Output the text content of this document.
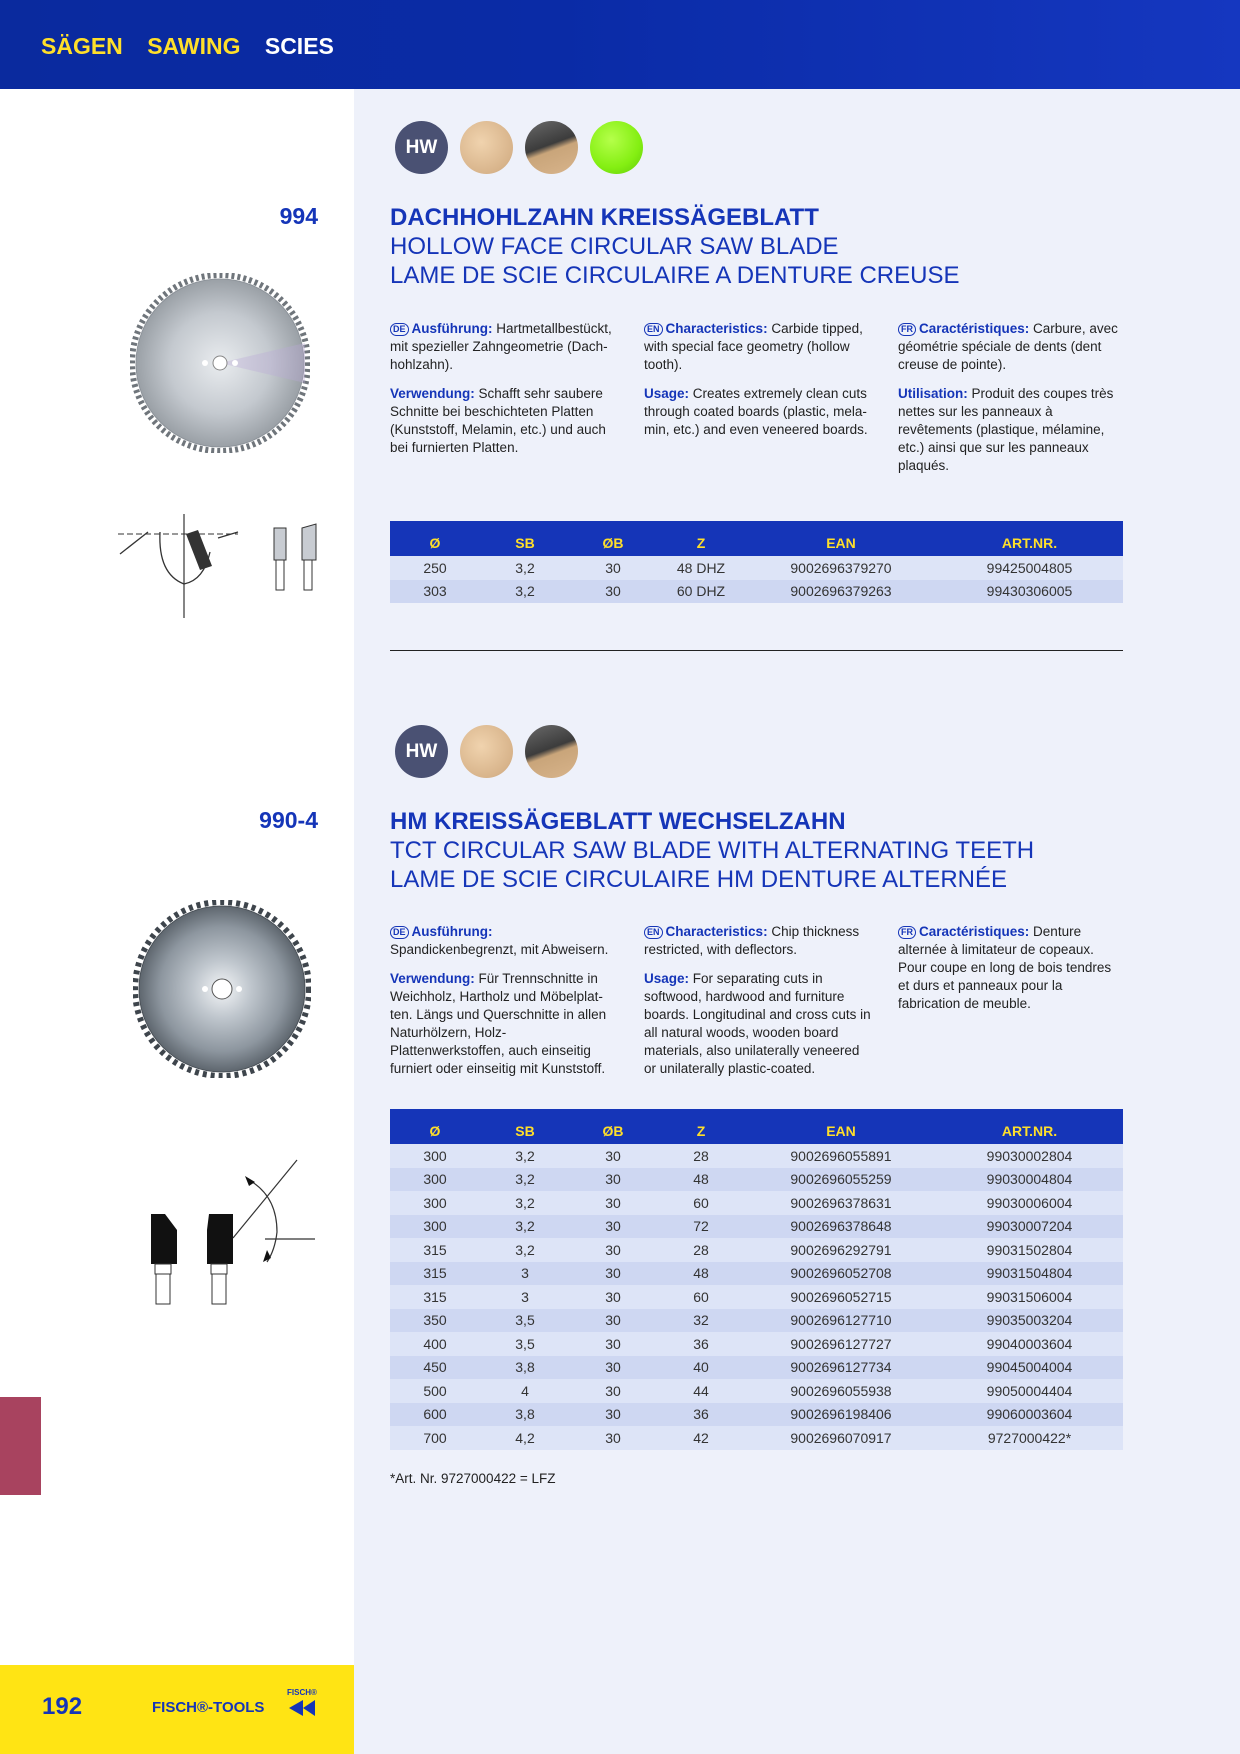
SÄGEN SAWING SCIES
HW
994	DACHHOHLZAHN KREISSÄGEBLATT
HOLLOW FACE CIRCULAR SAW BLADE
LAME DE SCIE CIRCULAIRE A DENTURE CREUSE

DE Ausführung: Hartmetallbestückt, mit spezieller Zahngeometrie (Dachhohlzahn).

Verwendung: Schafft sehr saubere Schnitte bei beschichteten Platten (Kunststoff, Melamin, etc.) und auch bei furnierten Platten.

EN Characteristics: Carbide tipped, with special face geometry (hollow tooth).

Usage: Creates extremely clean cuts through coated boards (plastic, melamin, etc.) and even veneered boards.

FR Caractéristiques: Carbure, avec géométrie spéciale de dents (dent creuse de pointe).

Utilisation: Produit des coupes très nettes sur les panneaux à revêtements (plastique, mélamine, etc.) ainsi que sur les panneaux plaqués.

Ø	SB	ØB	Z	EAN	ART.NR.
250	3,2	30	48 DHZ	9002696379270	99425004805
303	3,2	30	60 DHZ	9002696379263	99430306005
HW
990-4	HM KREISSÄGEBLATT WECHSELZAHN
TCT CIRCULAR SAW BLADE WITH ALTERNATING TEETH
LAME DE SCIE CIRCULAIRE HM DENTURE ALTERNÉE

DE Ausführung: Spandickenbegrenzt, mit Abweisern.

Verwendung: Für Trennschnitte in Weichholz, Hartholz und Möbelplatten. Längs und Querschnitte in allen Naturhölzern, Holz-Plattenwerkstoffen, auch einseitig furniert oder einseitig mit Kunststoff.

EN Characteristics: Chip thickness restricted, with deflectors.

Usage: For separating cuts in softwood, hardwood and furniture boards. Longitudinal and cross cuts in all natural woods, wooden board materials, also unilaterally veneered or unilaterally plastic-coated.

FR Caractéristiques: Denture alternée à limitateur de copeaux. Pour coupe en long de bois tendres et durs et panneaux pour la fabrication de meuble.

Ø	SB	ØB	Z	EAN	ART.NR.
300	3,2	30	28	9002696055891	99030002804
300	3,2	30	48	9002696055259	99030004804
300	3,2	30	60	9002696378631	99030006004
300	3,2	30	72	9002696378648	99030007204
315	3,2	30	28	9002696292791	99031502804
315	3	30	48	9002696052708	99031504804
315	3	30	60	9002696052715	99031506004
350	3,5	30	32	9002696127710	99035003204
400	3,5	30	36	9002696127727	99040003604
450	3,8	30	40	9002696127734	99045004004
500	4	30	44	9002696055938	99050004404
600	3,8	30	36	9002696198406	99060003604
700	4,2	30	42	9002696070917	9727000422*
*Art. Nr. 9727000422 = LFZ
192	FISCH®-TOOLS
FISCH®
